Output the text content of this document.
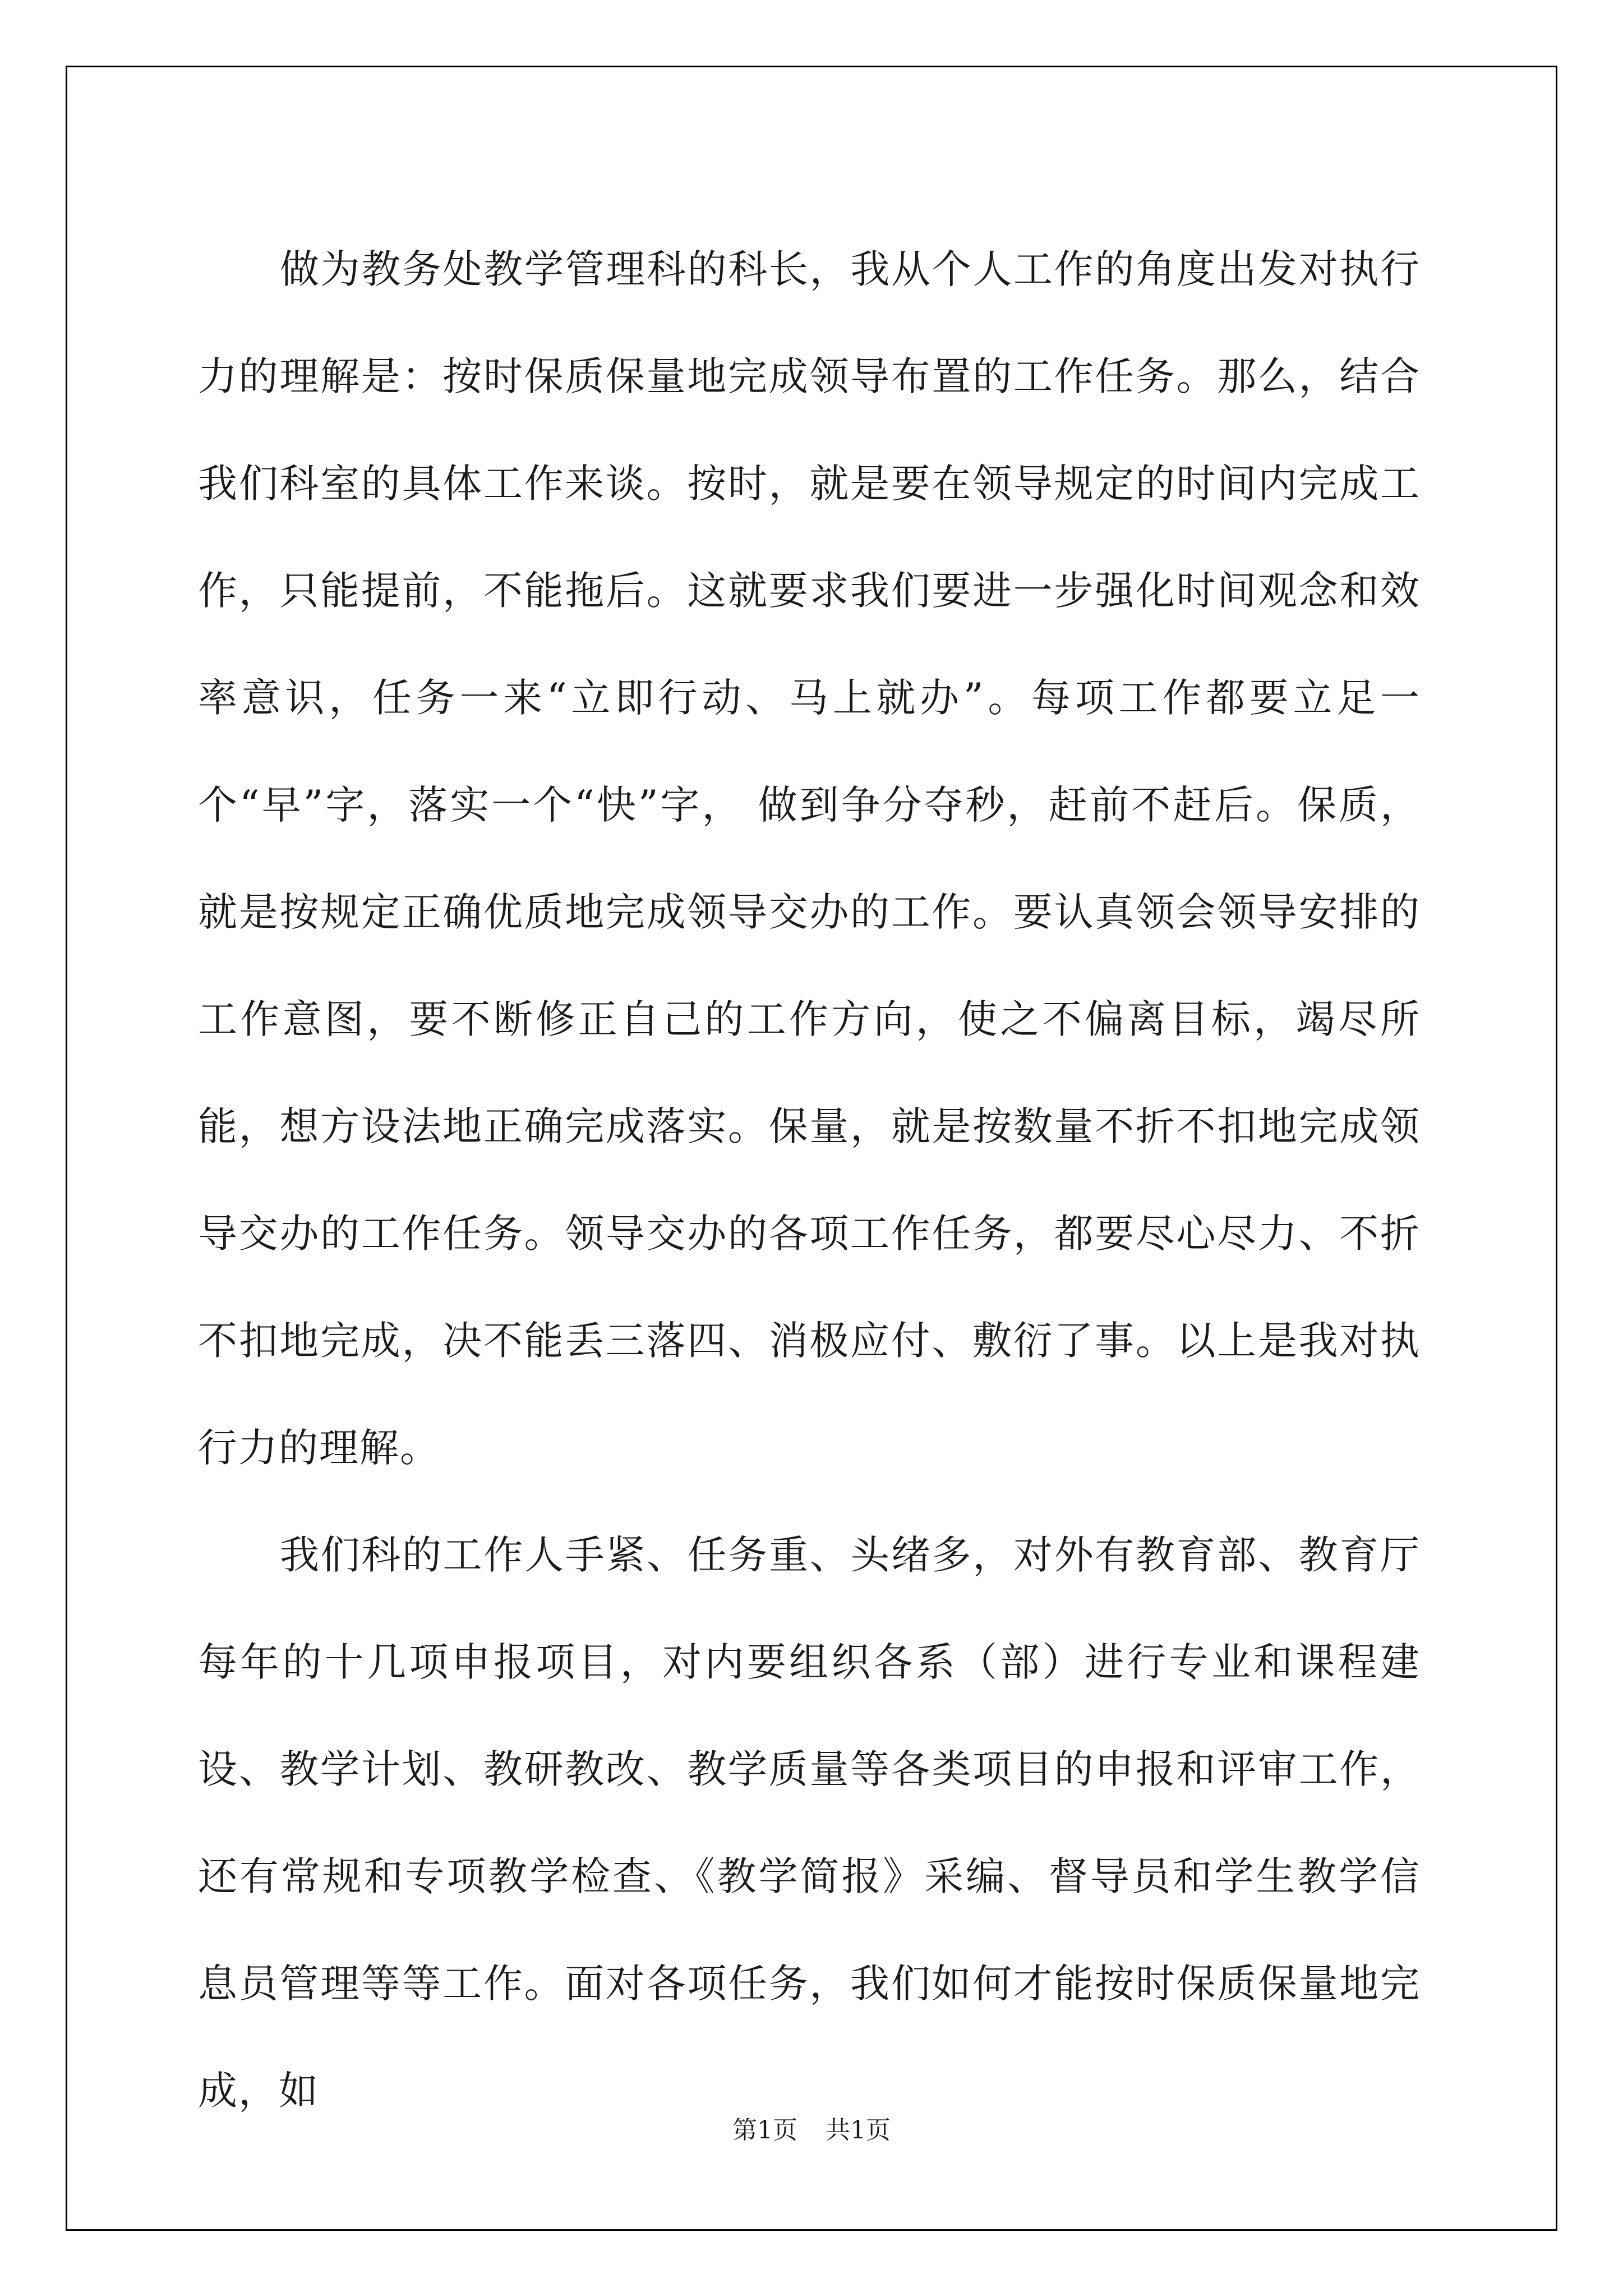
做为教务处教学管理科的科长，我从个人工作的角度出发对执行力的理解是：按时保质保量地完成领导布置的工作任务。那么，结合我们科室的具体工作来谈。按时，就是要在领导规定的时间内完成工作，只能提前，不能拖后。这就要求我们要进一步强化时间观念和效率意识，任务一来“立即行动、马上就办”。每项工作都要立足一个“早”字，落实一个“快”字， 做到争分夺秒，赶前不赶后。保质，就是按规定正确优质地完成领导交办的工作。要认真领会领导安排的工作意图，要不断修正自己的工作方向，使之不偏离目标，竭尽所能，想方设法地正确完成落实。保量，就是按数量不折不扣地完成领导交办的工作任务。领导交办的各项工作任务，都要尽心尽力、不折不扣地完成，决不能丢三落四、消极应付、敷衍了事。以上是我对执行力的理解。

我们科的工作人手紧、任务重、头绪多，对外有教育部、教育厅每年的十几项申报项目，对内要组织各系（部）进行专业和课程建设、教学计划、教研教改、教学质量等各类项目的申报和评审工作，还有常规和专项教学检查、《教学简报》采编、督导员和学生教学信息员管理等等工作。面对各项任务，我们如何才能按时保质保量地完成，如

第1页 共1页
